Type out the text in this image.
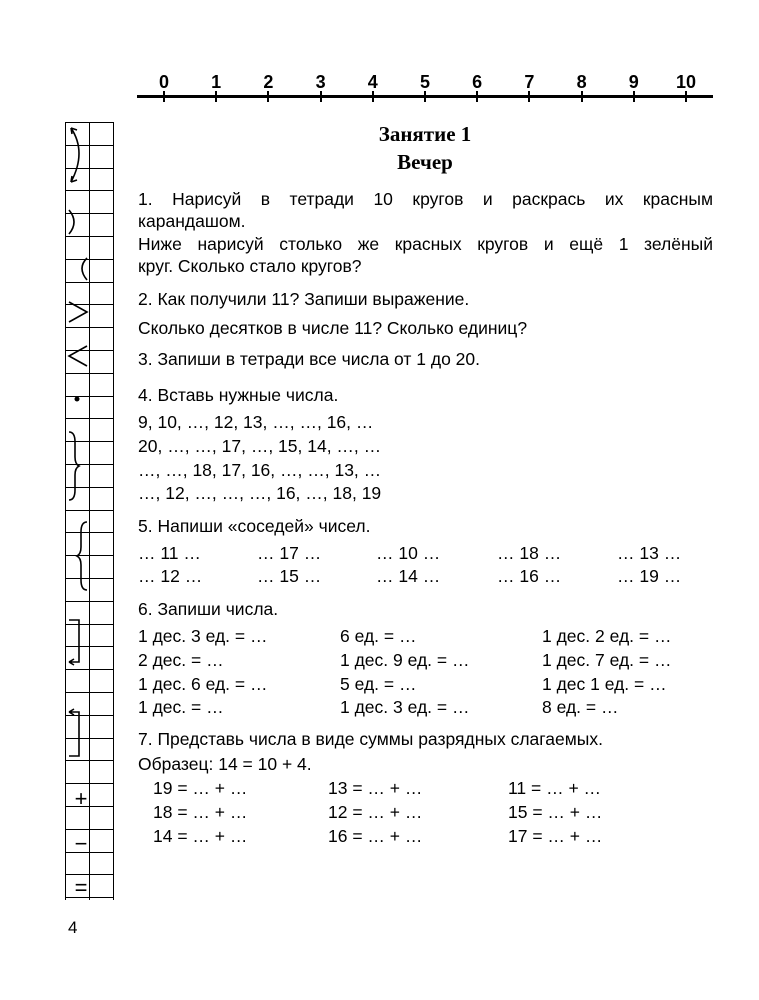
0	1	2	3	4	5	6	7	8	9	10
+
−
=
Занятие 1
Вечер
1. Нарисуй в тетради 10 кругов и раскрась их красным
карандашом.
Ниже нарисуй столько же красных кругов и ещё 1 зелёный
круг. Сколько стало кругов?
2. Как получили 11? Запиши выражение.
Сколько десятков в числе 11? Сколько единиц?
3. Запиши в тетради все числа от 1 до 20.
4. Вставь нужные числа.
9, 10, …, 12, 13, …, …, 16, …
20, …, …, 17, …, 15, 14, …, …
…, …, 18, 17, 16, …, …, 13, …
…, 12, …, …, …, 16, …, 18, 19
5. Напиши «соседей» чисел.
… 11 …	… 17 …	… 10 …	… 18 …	… 13 …
… 12 …	… 15 …	… 14 …	… 16 …	… 19 …
6. Запиши числа.
1 дес. 3 ед. = …	6 ед. = …	1 дес. 2 ед. = …
2 дес. = …	1 дес. 9 ед. = …	1 дес. 7 ед. = …
1 дес. 6 ед. = …	5 ед. = …	1 дес 1 ед. = …
1 дес. = …	1 дес. 3 ед. = …	8 ед. = …
7. Представь числа в виде суммы разрядных слагаемых.
Образец: 14 = 10 + 4.
19 = … + …	13 = … + …	11 = … + …
18 = … + …	12 = … + …	15 = … + …
14 = … + …	16 = … + …	17 = … + …
4
